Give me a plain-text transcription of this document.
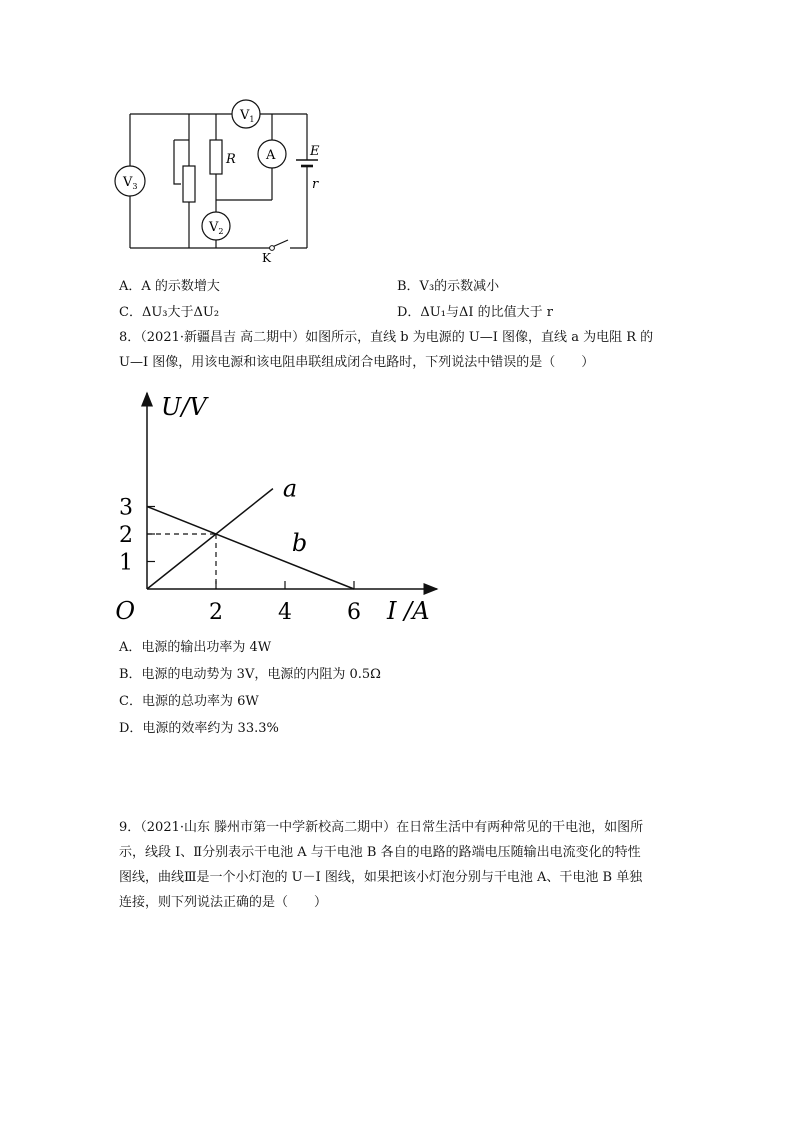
$V_1$
$V_3$
$V_2$
A
R
E
r
K
A．A 的示数增大	B．V₃的示数减小
C．ΔU₃大于ΔU₂	D．ΔU₁与ΔI 的比值大于 r

8．（2021·新疆昌吉 高二期中）如图所示，直线 b 为电源的 U—I 图像，直线 a 为电阻 R 的

U—I 图像，用该电源和该电阻串联组成闭合电路时，下列说法中错误的是（　　）

2	4	6
1
2
3
O
U/V
I /A
a
b
A．电源的输出功率为 4W
B．电源的电动势为 3V，电源的内阻为 0.5Ω
C．电源的总功率为 6W
D．电源的效率约为 33.3%

9．（2021·山东 滕州市第一中学新校高二期中）在日常生活中有两种常见的干电池，如图所

示，线段 Ⅰ、Ⅱ分别表示干电池 A 与干电池 B 各自的电路的路端电压随输出电流变化的特性

图线，曲线Ⅲ是一个小灯泡的 U－I 图线，如果把该小灯泡分别与干电池 A、干电池 B 单独

连接，则下列说法正确的是（　　）
